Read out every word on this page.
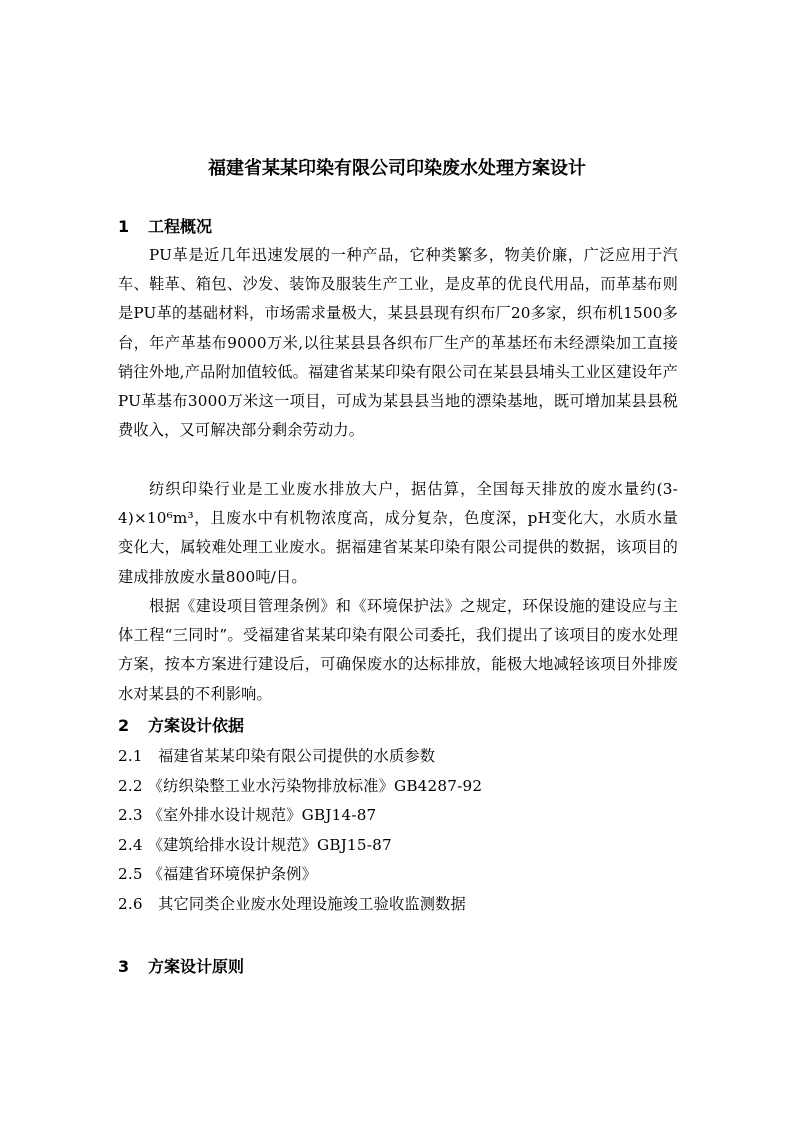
福建省某某印染有限公司印染废水处理方案设计
1 工程概况

PU革是近几年迅速发展的一种产品，它种类繁多，物美价廉，广泛应用于汽车、鞋革、箱包、沙发、装饰及服装生产工业，是皮革的优良代用品，而革基布则是PU革的基础材料，市场需求量极大，某县县现有织布厂20多家，织布机1500多台，年产革基布9000万米,以往某县县各织布厂生产的革基坯布未经漂染加工直接销往外地,产品附加值较低。福建省某某印染有限公司在某县县埔头工业区建设年产PU革基布3000万米这一项目，可成为某县县当地的漂染基地，既可增加某县县税费收入，又可解决部分剩余劳动力。

纺织印染行业是工业废水排放大户，据估算，全国每天排放的废水量约(3-4)×10⁶m³，且废水中有机物浓度高，成分复杂，色度深，pH变化大，水质水量变化大，属较难处理工业废水。据福建省某某印染有限公司提供的数据，该项目的建成排放废水量800吨/日。

根据《建设项目管理条例》和《环境保护法》之规定，环保设施的建设应与主体工程“三同时”。受福建省某某印染有限公司委托，我们提出了该项目的废水处理方案，按本方案进行建设后，可确保废水的达标排放，能极大地减轻该项目外排废水对某县的不利影响。

2 方案设计依据
2.1　福建省某某印染有限公司提供的水质参数
2.2 《纺织染整工业水污染物排放标准》GB4287-92
2.3 《室外排水设计规范》GBJ14-87
2.4 《建筑给排水设计规范》GBJ15-87
2.5 《福建省环境保护条例》
2.6　其它同类企业废水处理设施竣工验收监测数据
3 方案设计原则
